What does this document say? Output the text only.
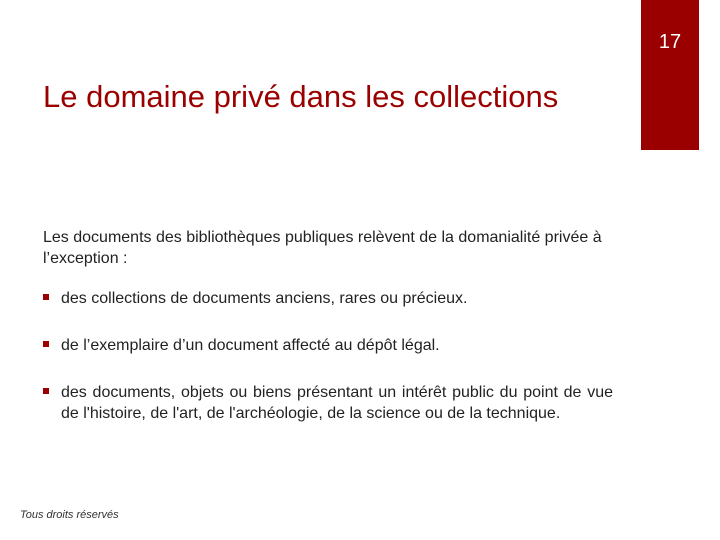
17
Le domaine privé dans les collections

Les documents des bibliothèques publiques relèvent de la domanialité privée à l’exception :

des collections de documents anciens, rares ou précieux.
de l’exemplaire d’un document affecté au dépôt légal.
des documents, objets ou biens présentant un intérêt public du point de vue de l'histoire, de l'art, de l'archéologie, de la science ou de la technique.
Tous droits réservés
